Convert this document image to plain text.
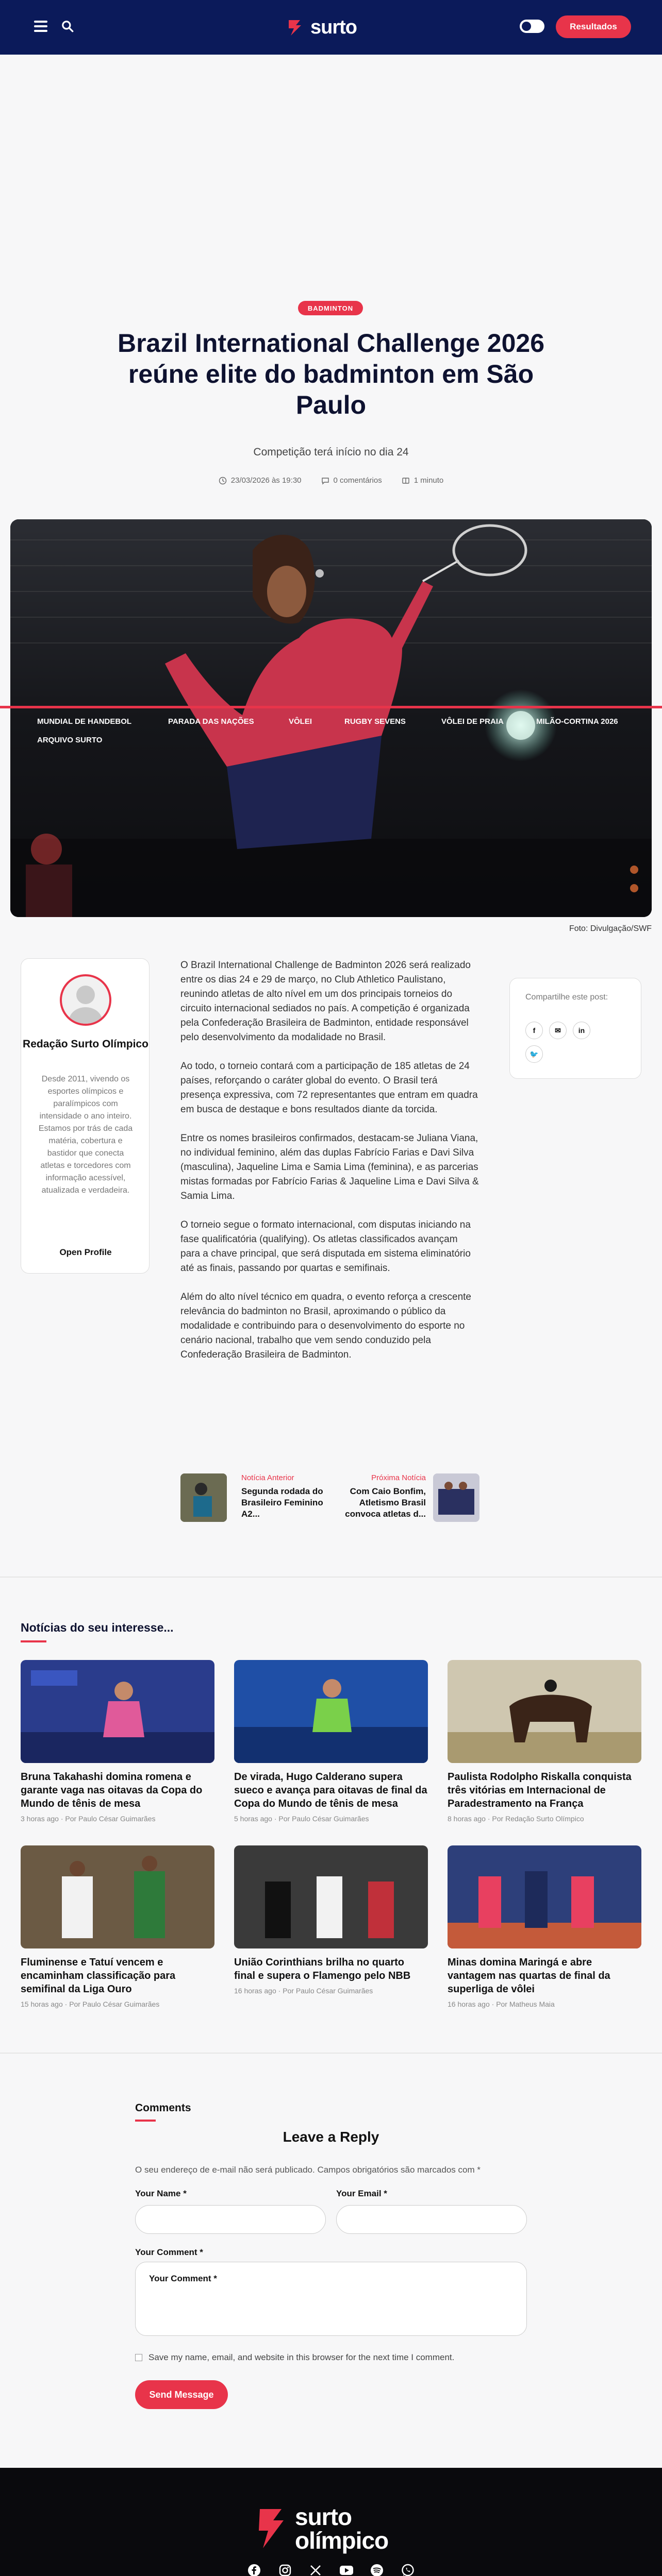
surto	Resultados
BADMINTON
Brazil International Challenge 2026 reúne elite do badminton em São Paulo
Competição terá início no dia 24
23/03/2026 às 19:30	0 comentários	1 minuto
MUNDIAL DE HANDEBOL	PARADA DAS NAÇÕES	VÔLEI	RUGBY SEVENS	VÔLEI DE PRAIA	MILÃO-CORTINA 2026
ARQUIVO SURTO
Foto: Divulgação/SWF
Redação Surto Olímpico
Desde 2011, vivendo os esportes olímpicos e paralímpicos com intensidade o ano inteiro. Estamos por trás de cada matéria, cobertura e bastidor que conecta atletas e torcedores com informação acessível, atualizada e verdadeira.
Open Profile

O Brazil International Challenge de Badminton 2026 será realizado entre os dias 24 e 29 de março, no Club Athletico Paulistano, reunindo atletas de alto nível em um dos principais torneios do circuito internacional sediados no país. A competição é organizada pela Confederação Brasileira de Badminton, entidade responsável pelo desenvolvimento da modalidade no Brasil.

Ao todo, o torneio contará com a participação de 185 atletas de 24 países, reforçando o caráter global do evento. O Brasil terá presença expressiva, com 72 representantes que entram em quadra em busca de destaque e bons resultados diante da torcida.

Entre os nomes brasileiros confirmados, destacam-se Juliana Viana, no individual feminino, além das duplas Fabrício Farias e Davi Silva (masculina), Jaqueline Lima e Samia Lima (feminina), e as parcerias mistas formadas por Fabrício Farias & Jaqueline Lima e Davi Silva & Samia Lima.

O torneio segue o formato internacional, com disputas iniciando na fase qualificatória (qualifying). Os atletas classificados avançam para a chave principal, que será disputada em sistema eliminatório até as finais, passando por quartas e semifinais.

Além do alto nível técnico em quadra, o evento reforça a crescente relevância do badminton no Brasil, aproximando o público da modalidade e contribuindo para o desenvolvimento do esporte no cenário nacional, trabalho que vem sendo conduzido pela Confederação Brasileira de Badminton.

Compartilhe este post:
f	✉	in
🐦
Notícia Anterior
Segunda rodada do Brasileiro Feminino A2...
Próxima Notícia
Com Caio Bonfim, Atletismo Brasil convoca atletas d...
Notícias do seu interesse...
Bruna Takahashi domina romena e garante vaga nas oitavas da Copa do Mundo de tênis de mesa
3 horas ago · Por Paulo César Guimarães
De virada, Hugo Calderano supera sueco e avança para oitavas de final da Copa do Mundo de tênis de mesa
5 horas ago · Por Paulo César Guimarães
Paulista Rodolpho Riskalla conquista três vitórias em Internacional de Paradestramento na França
8 horas ago · Por Redação Surto Olímpico
Fluminense e Tatuí vencem e encaminham classificação para semifinal da Liga Ouro
15 horas ago · Por Paulo César Guimarães
União Corinthians brilha no quarto final e supera o Flamengo pelo NBB
16 horas ago · Por Paulo César Guimarães
Minas domina Maringá e abre vantagem nas quartas de final da superliga de vôlei
16 horas ago · Por Matheus Maia
Comments
Leave a Reply
O seu endereço de e-mail não será publicado. Campos obrigatórios são marcados com *
Your Name *	Your Email *
Your Comment *
Your Comment *
Save my name, email, and website in this browser for the next time I comment.
Send Message
surto
olímpico
